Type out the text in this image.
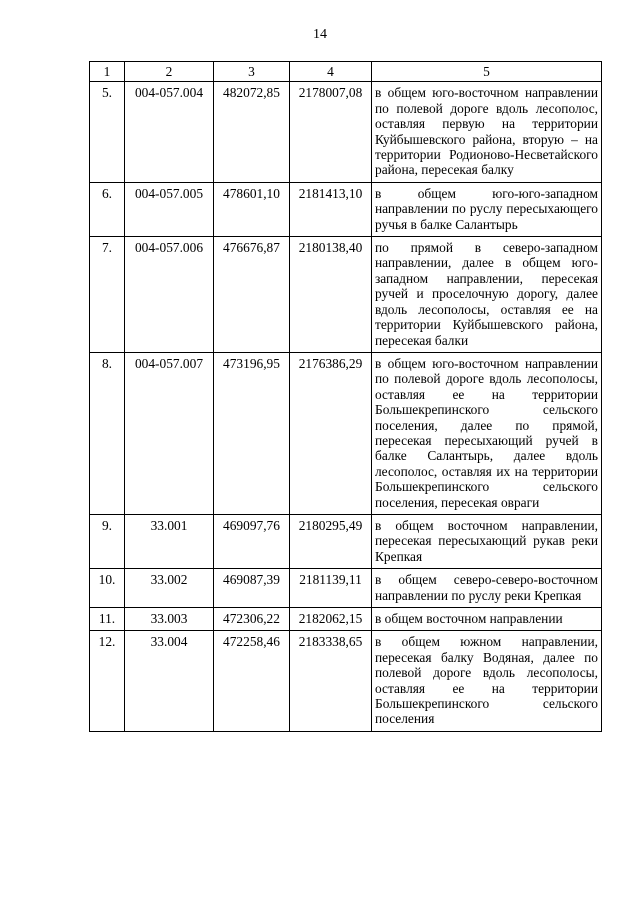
14
1	2	3	4	5
5.	004-057.004	482072,85	2178007,08	в общем юго-восточном направлении по полевой дороге вдоль лесополос, оставляя первую на территории Куйбышевского района, вторую – на территории Родионово-Несветайского района, пересекая балку
6.	004-057.005	478601,10	2181413,10	в общем юго-юго-западном направлении по руслу пересыхающего ручья в балке Салантырь
7.	004-057.006	476676,87	2180138,40	по прямой в северо-западном направлении, далее в общем юго-западном направлении, пересекая ручей и проселочную дорогу, далее вдоль лесополосы, оставляя ее на территории Куйбышевского района, пересекая балки
8.	004-057.007	473196,95	2176386,29	в общем юго-восточном направлении по полевой дороге вдоль лесополосы, оставляя ее на территории Большекрепинского сельского поселения, далее по прямой, пересекая пересыхающий ручей в балке Салантырь, далее вдоль лесополос, оставляя их на территории Большекрепинского сельского поселения, пересекая овраги
9.	33.001	469097,76	2180295,49	в общем восточном направлении, пересекая пересыхающий рукав реки Крепкая
10.	33.002	469087,39	2181139,11	в общем северо-северо-восточном направлении по руслу реки Крепкая
11.	33.003	472306,22	2182062,15	в общем восточном направлении
12.	33.004	472258,46	2183338,65	в общем южном направлении, пересекая балку Водяная, далее по полевой дороге вдоль лесополосы, оставляя ее на территории Большекрепинского сельского поселения
